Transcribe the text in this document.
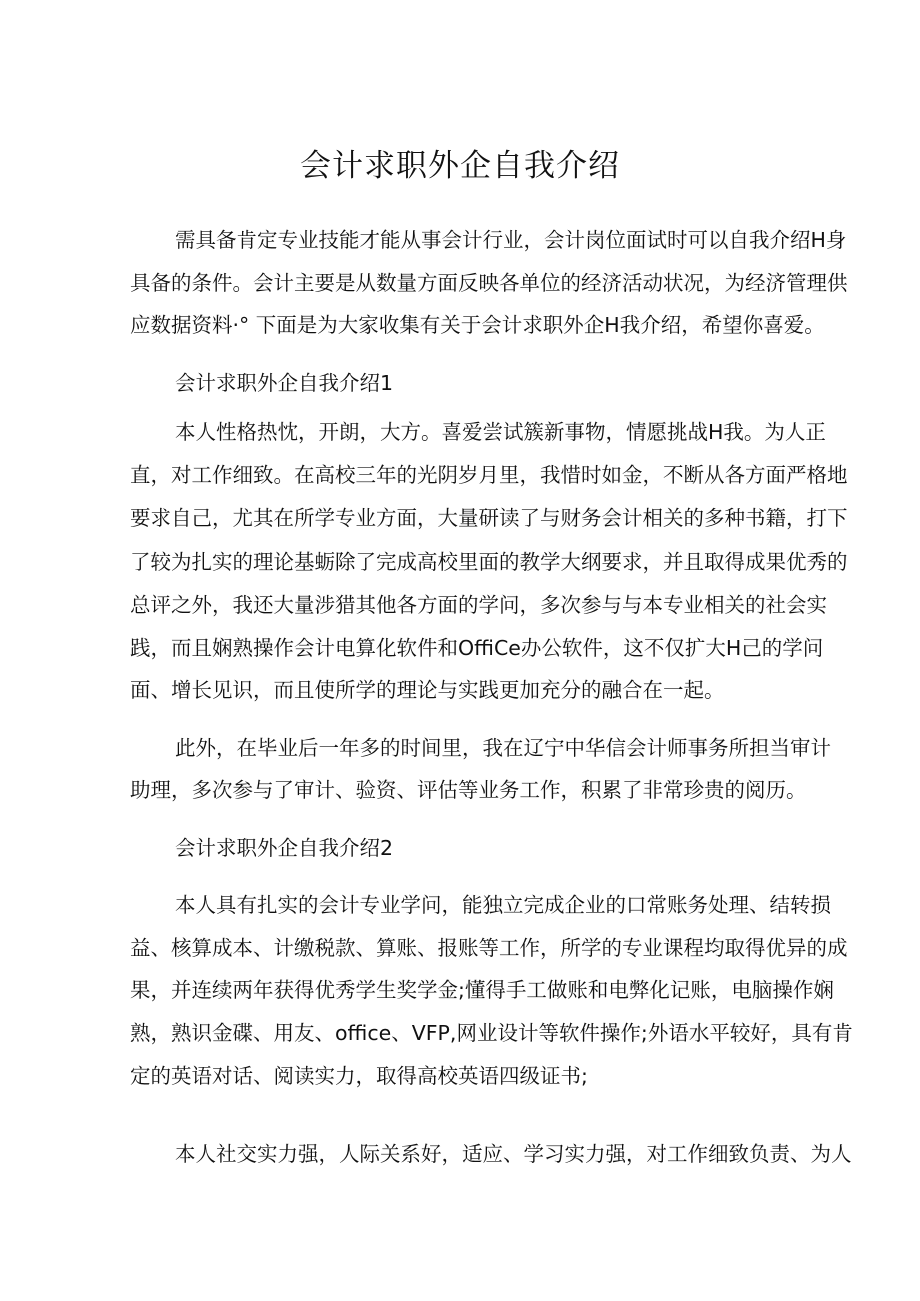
会计求职外企自我介绍
需具备肯定专业技能才能从事会计行业，会计岗位面试时可以自我介绍H身
具备的条件。会计主要是从数量方面反映各单位的经济活动状况，为经济管理供
应数据资料·° 下面是为大家收集有关于会计求职外企H我介绍，希望你喜爱。
会计求职外企自我介绍1
本人性格热忱，开朗，大方。喜爱尝试簇新事物，情愿挑战H我。为人正
直，对工作细致。在高校三年的光阴岁月里，我惜时如金，不断从各方面严格地
要求自己，尤其在所学专业方面，大量研读了与财务会计相关的多种书籍，打下
了较为扎实的理论基蛎除了完成高校里面的教学大纲要求，并且取得成果优秀的
总评之外，我还大量涉猎其他各方面的学问，多次参与与本专业相关的社会实
践，而且娴熟操作会计电算化软件和OffiCe办公软件，这不仅扩大H己的学问
面、增长见识，而且使所学的理论与实践更加充分的融合在一起。
此外，在毕业后一年多的时间里，我在辽宁中华信会计师事务所担当审计
助理，多次参与了审计、验资、评估等业务工作，积累了非常珍贵的阅历。
会计求职外企自我介绍2
本人具有扎实的会计专业学问，能独立完成企业的口常账务处理、结转损
益、核算成本、计缴税款、算账、报账等工作，所学的专业课程均取得优异的成
果，并连续两年获得优秀学生奖学金;懂得手工做账和电弊化记账，电脑操作娴
熟，熟识金碟、用友、office、VFP,网业设计等软件操作;外语水平较好，具有肯
定的英语对话、阅读实力，取得高校英语四级证书;
本人社交实力强，人际关系好，适应、学习实力强，对工作细致负责、为人
